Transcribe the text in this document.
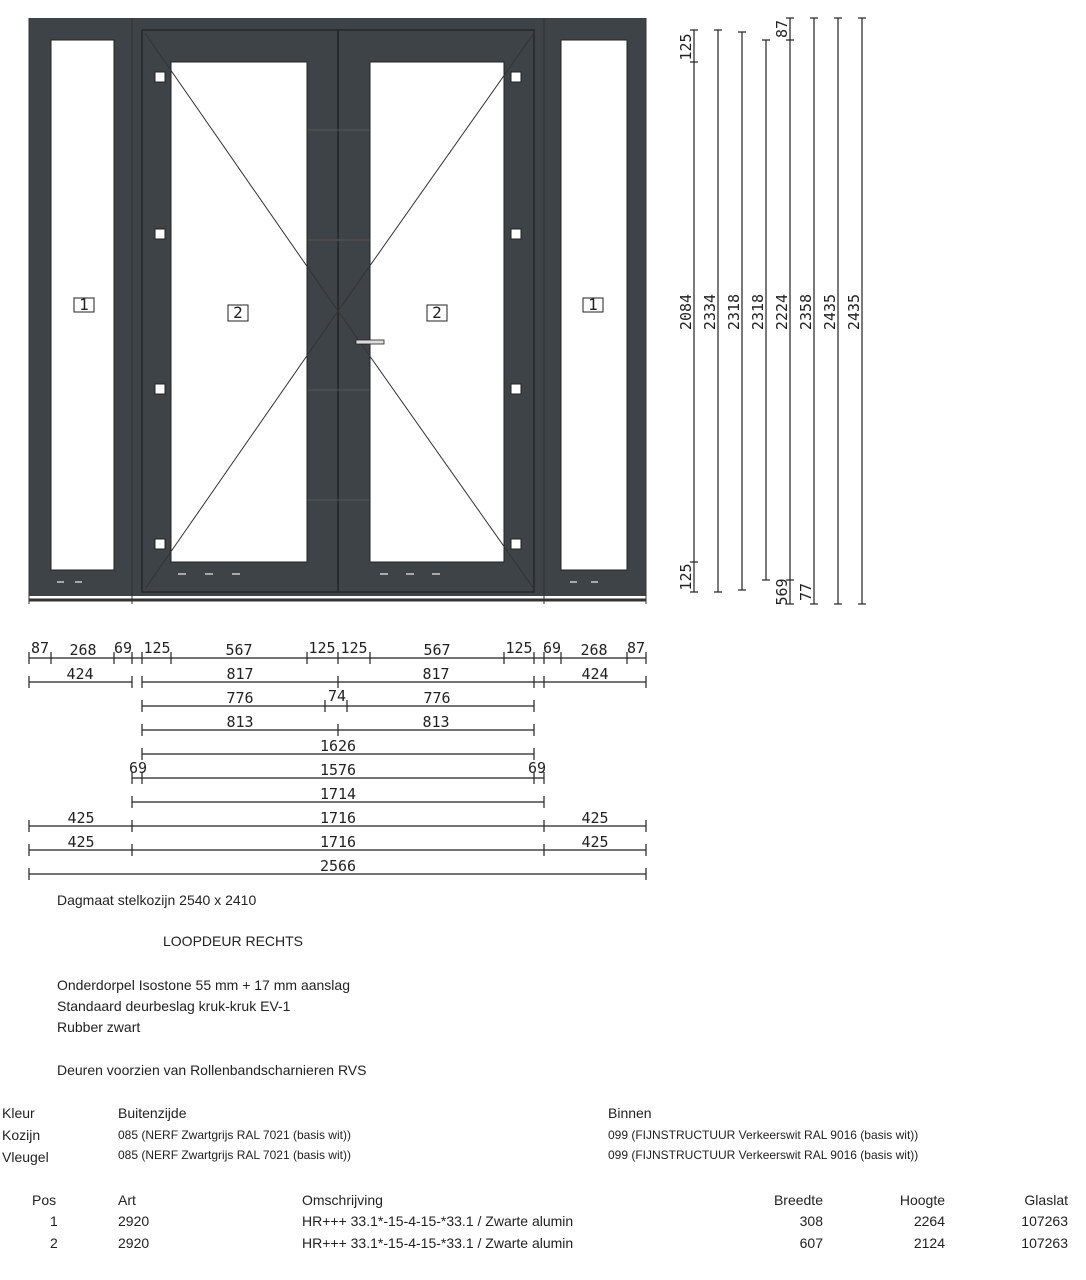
1	2	2	1
125
2084
125
2334 2318 2318
87
2224
569
2358
77
2435 2435
87 268 69 125	567	125 125	567	125 69 268 87
424	817	817	424
776	74	776
813	813
1626
69	1576	69
1714
425	1716	425
425	1716	425
2566
Dagmaat stelkozijn 2540 x 2410
LOOPDEUR RECHTS
Onderdorpel Isostone 55 mm + 17 mm aanslag
Standaard deurbeslag kruk-kruk EV-1
Rubber zwart
Deuren voorzien van Rollenbandscharnieren RVS
Kleur	Buitenzijde	Binnen
Kozijn	085 (NERF Zwartgrijs RAL 7021 (basis wit))	099 (FIJNSTRUCTUUR Verkeerswit RAL 9016 (basis wit))
Vleugel	085 (NERF Zwartgrijs RAL 7021 (basis wit))	099 (FIJNSTRUCTUUR Verkeerswit RAL 9016 (basis wit))
Pos	Art	Omschrijving	Breedte	Hoogte	Glaslat
1	2920	HR+++ 33.1*-15-4-15-*33.1 / Zwarte alumin	308	2264	107263
2	2920	HR+++ 33.1*-15-4-15-*33.1 / Zwarte alumin	607	2124	107263
